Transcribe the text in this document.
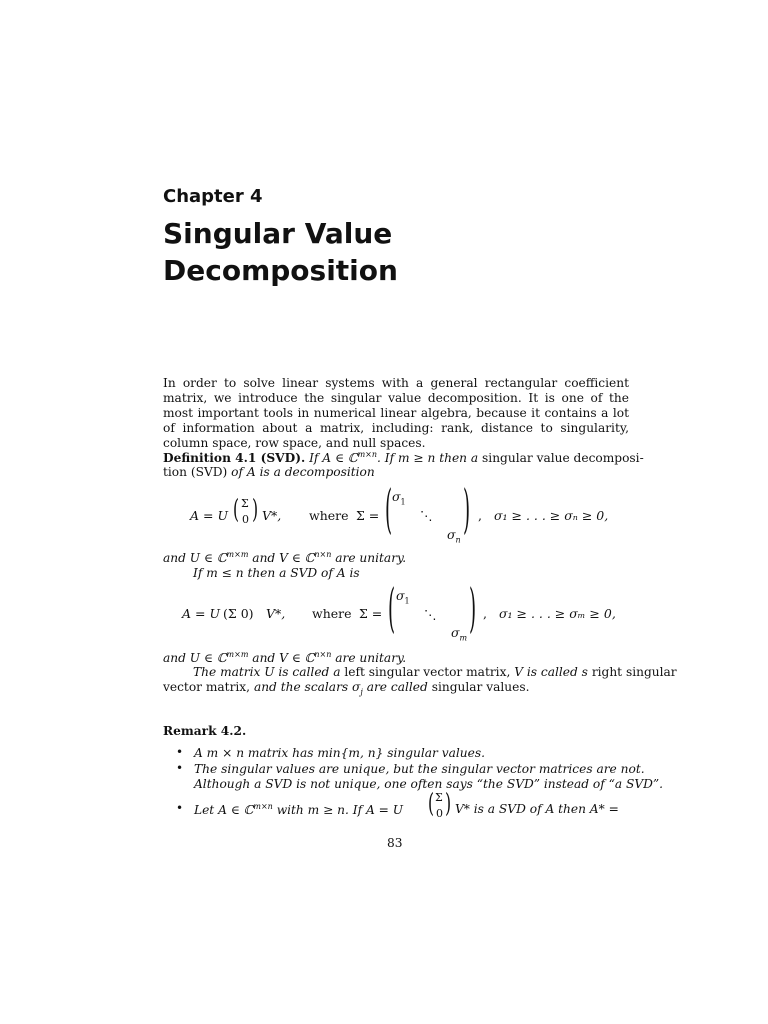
Chapter 4
Singular Value
Decomposition
In order to solve linear systems with a general rectangular coefficient matrix, we introduce the singular value decomposition. It is one of the most important tools in numerical linear algebra, because it contains a lot of information about a matrix, including: rank, distance to singularity, column space, row space, and null spaces.
Definition 4.1 (SVD). If A ∈ ℂ$^{m\times n}$. If m ≥ n then a singular value decomposi-
tion (SVD) of A is a decomposition
A = U ( Σ
0 ) V*, where Σ = ( $\sigma_1$
⋱
$\sigma_n$ ) , σ₁ ≥ . . . ≥ σₙ ≥ 0,
and U ∈ ℂ$^{m\times m}$ and V ∈ ℂ$^{n\times n}$ are unitary.
If m ≤ n then a SVD of A is
A = U (Σ 0) V*, where Σ = ( $\sigma_1$
⋱
$\sigma_m$ ) , σ₁ ≥ . . . ≥ σₘ ≥ 0,
and U ∈ ℂ$^{m\times m}$ and V ∈ ℂ$^{n\times n}$ are unitary.
The matrix U is called a left singular vector matrix, V is called s right singular
vector matrix, and the scalars $\sigma_j$ are called singular values.
Remark 4.2.
• A m × n matrix has min{m, n} singular values.
• The singular values are unique, but the singular vector matrices are not.
Although a SVD is not unique, one often says “the SVD” instead of “a SVD”.
• Let A ∈ ℂ$^{m\times n}$ with m ≥ n. If A = U ( Σ
0 ) V* is a SVD of A then A* =
83
